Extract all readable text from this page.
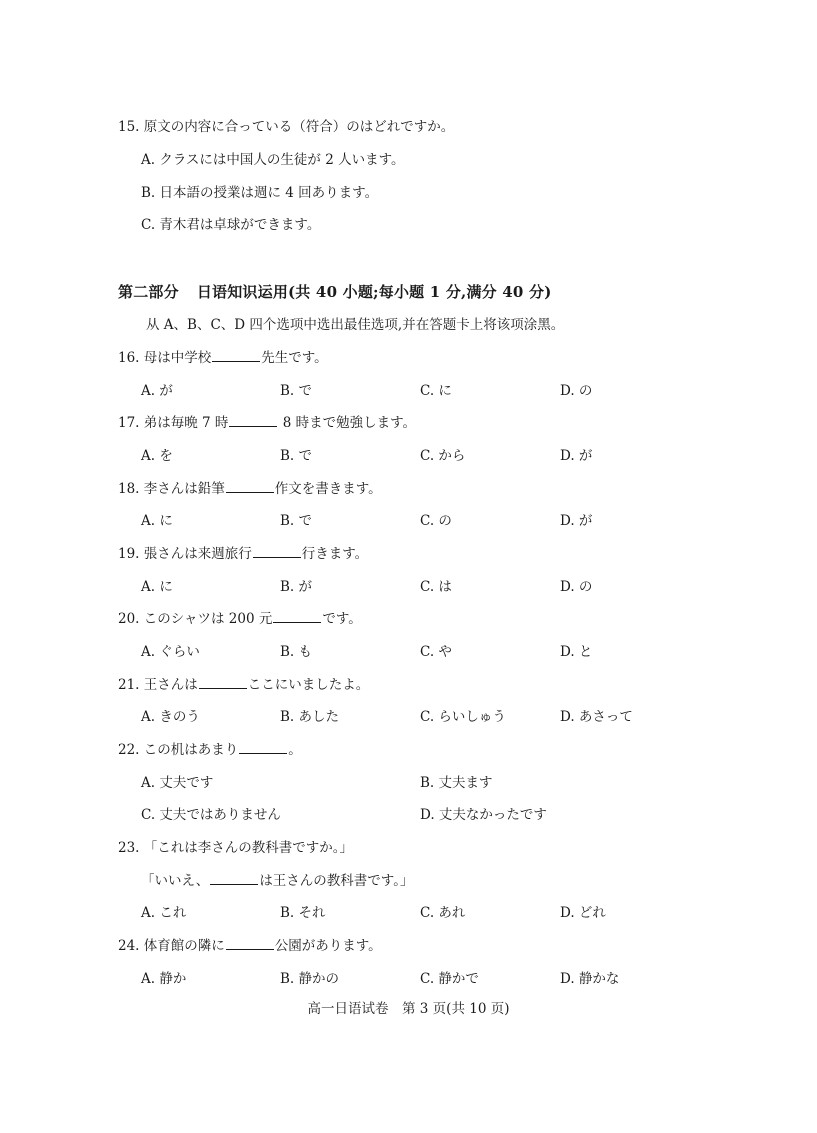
15. 原文の内容に合っている（符合）のはどれですか。
A. クラスには中国人の生徒が 2 人います。
B. 日本語の授業は週に 4 回あります。
C. 青木君は卓球ができます。
第二部分 日语知识运用(共 40 小题;每小题 1 分,满分 40 分)
从 A、B、C、D 四个选项中选出最佳选项,并在答题卡上将该项涂黑。
16. 母は中学校	先生です。
A. が	B. で	C. に	D. の
17. 弟は毎晩 7 時	8 時まで勉強します。
A. を	B. で	C. から	D. が
18. 李さんは鉛筆	作文を書きます。
A. に	B. で	C. の	D. が
19. 張さんは来週旅行	行きます。
A. に	B. が	C. は	D. の
20. このシャツは 200 元	です。
A. ぐらい	B. も	C. や	D. と
21. 王さんは	ここにいましたよ。
A. きのう	B. あした	C. らいしゅう	D. あさって
22. この机はあまり	。
A. 丈夫です	B. 丈夫ます
C. 丈夫ではありません	D. 丈夫なかったです
23. 「これは李さんの教科書ですか。」
「いいえ、	は王さんの教科書です。」
A. これ	B. それ	C. あれ	D. どれ
24. 体育館の隣に	公園があります。
A. 静か	B. 静かの	C. 静かで	D. 静かな
高一日语试卷　第 3 页(共 10 页)
